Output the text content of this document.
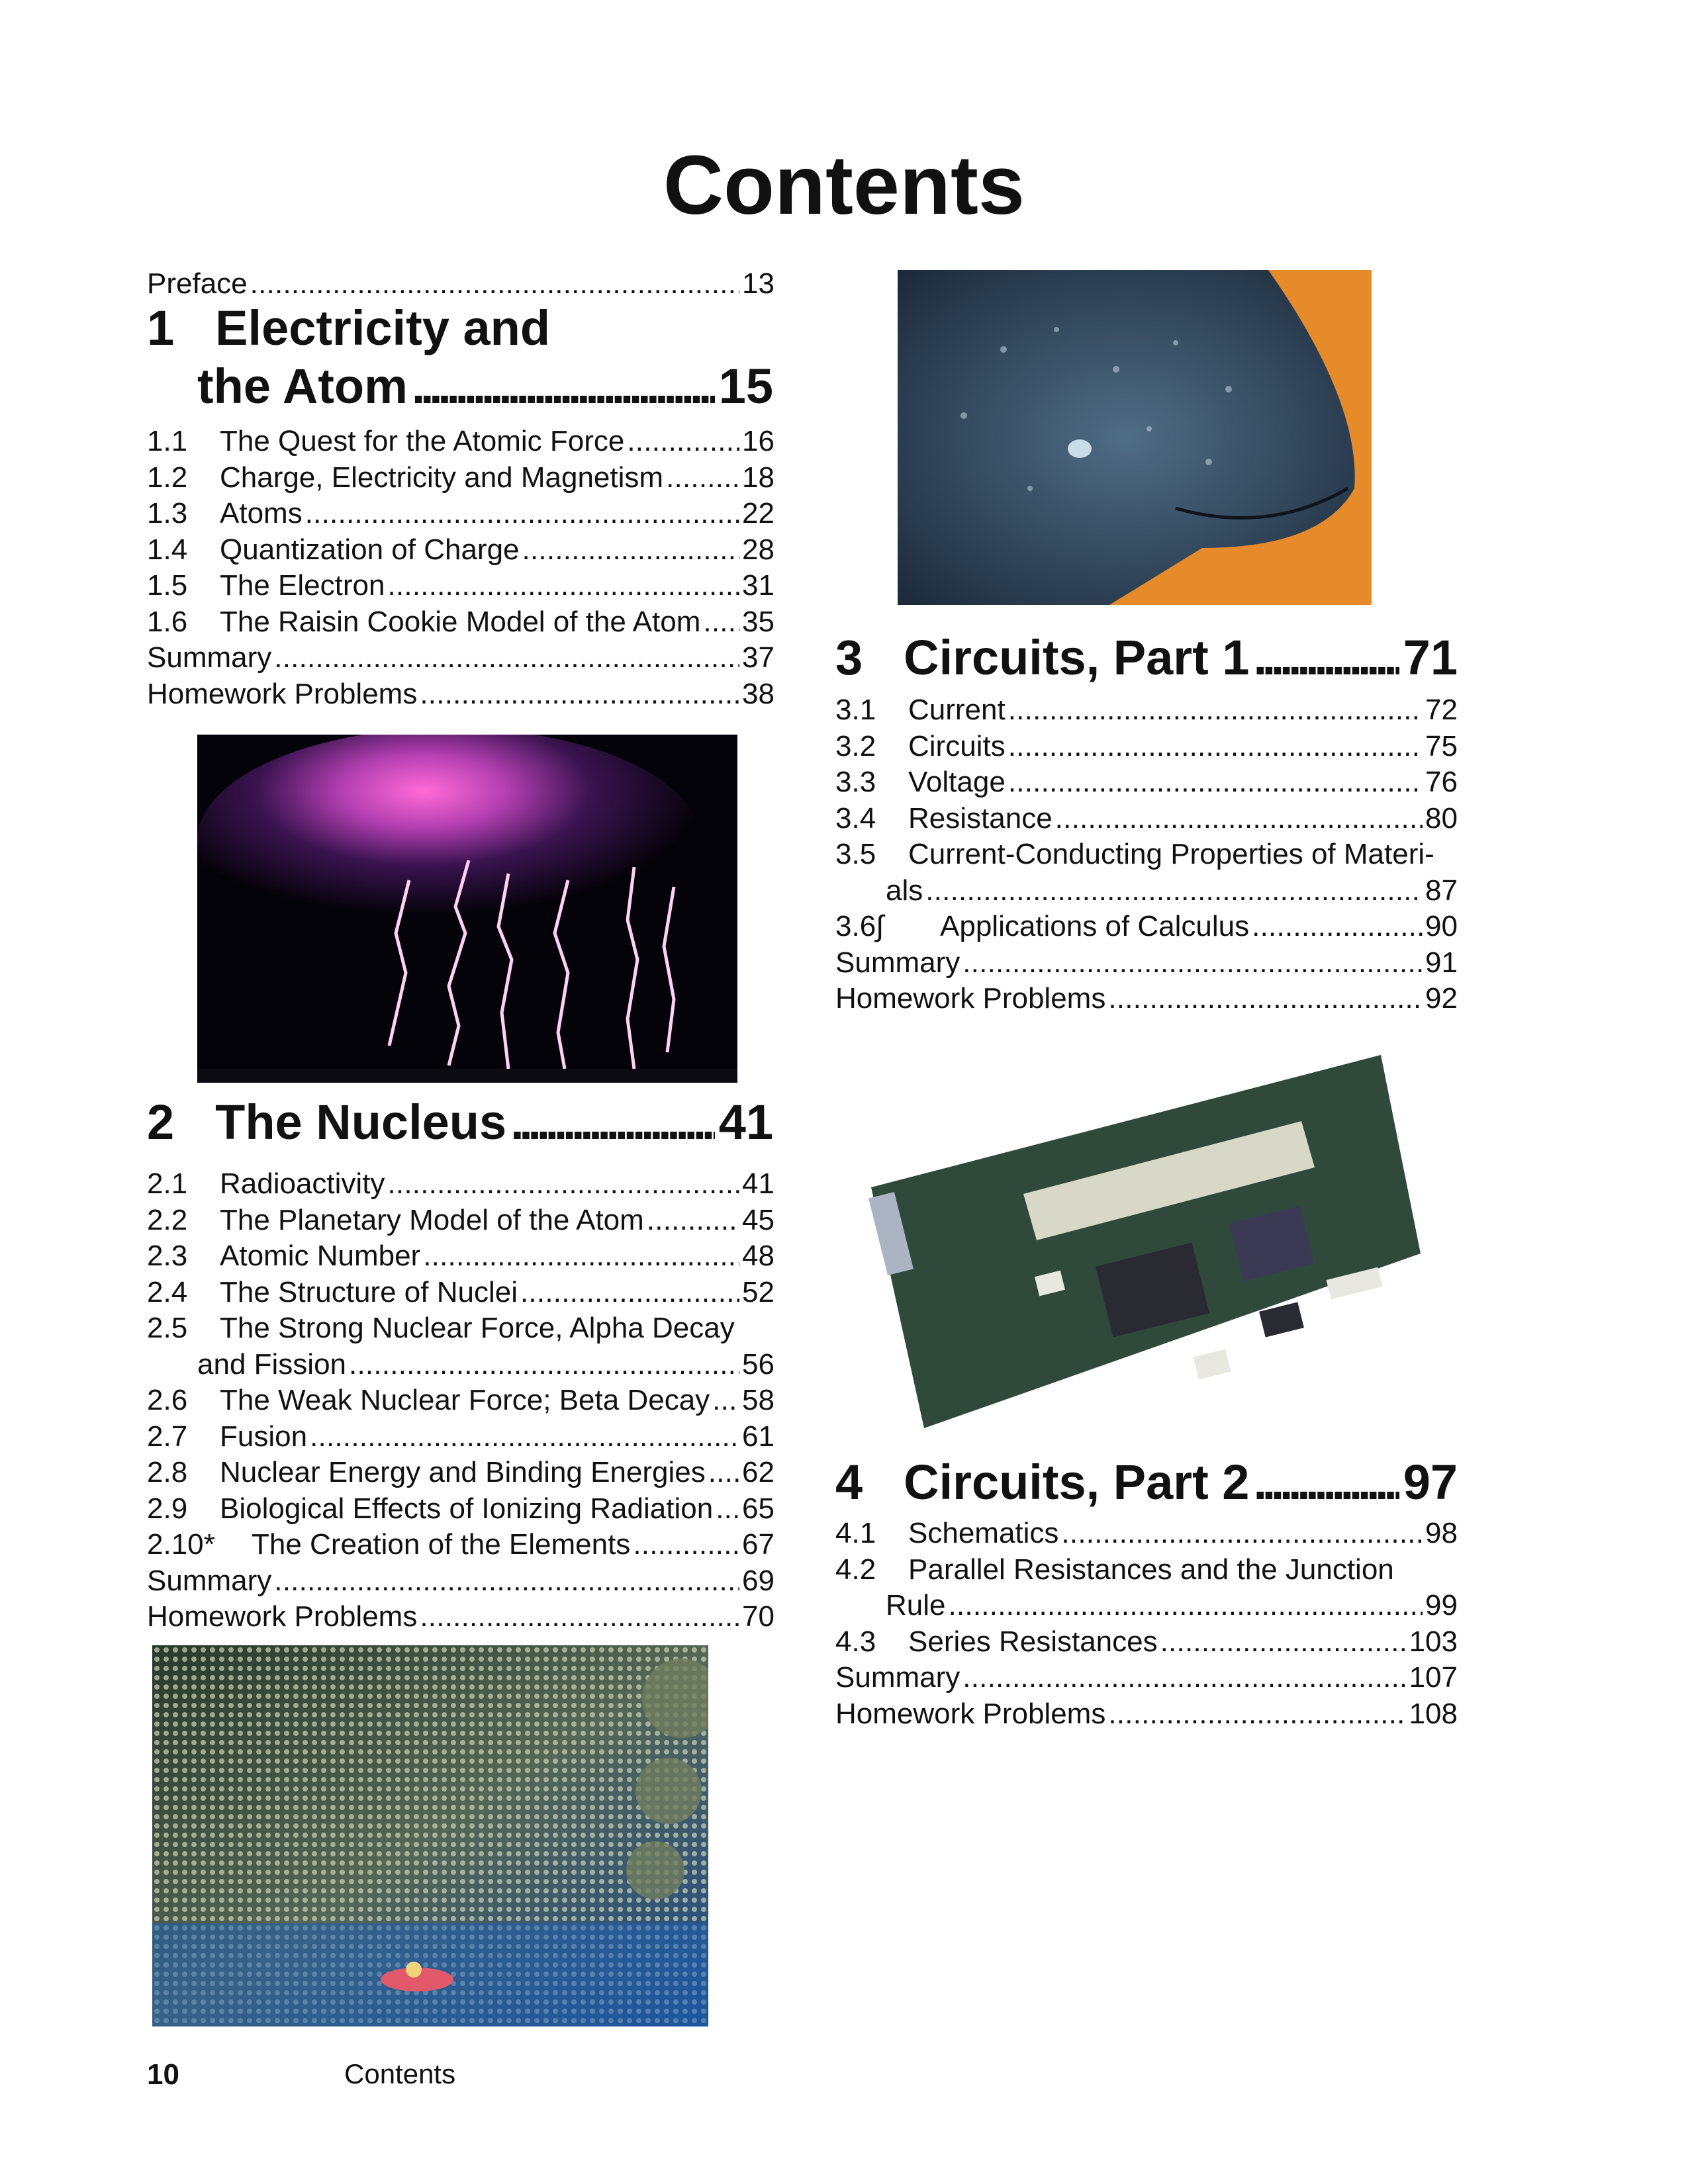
Contents
Preface . . .	13
1 Electricity and
the Atom . . .	15
1.1	The Quest for the Atomic Force . . .	16
1.2	Charge, Electricity and Magnetism . . .	18
1.3	Atoms . . .	22
1.4	Quantization of Charge . . .	28
1.5	The Electron . . .	31
1.6	The Raisin Cookie Model of the Atom . . . 35
Summary . . .	37
Homework Problems . . .	38
2 The Nucleus . . .	41
2.1	Radioactivity . . .	41
2.2	The Planetary Model of the Atom . . .	45
2.3	Atomic Number . . .	48
2.4	The Structure of Nuclei . . .	52
2.5 The Strong Nuclear Force, Alpha Decay
and Fission . . .	56
2.6	The Weak Nuclear Force; Beta Decay . . . 58
2.7	Fusion . . .	61
2.8	Nuclear Energy and Binding Energies . . . 62
2.9	Biological Effects of Ionizing Radiation . . . 65
2.10*	The Creation of the Elements . . .	67
Summary . . .	69
Homework Problems . . .	70
3 Circuits, Part 1 . . .	71
3.1	Current . . .	72
3.2	Circuits . . .	75
3.3	Voltage . . .	76
3.4	Resistance . . .	80
3.5 Current-Conducting Properties of Materi-
als . . .	87
3.6∫	Applications of Calculus . . .	90
Summary . . .	91
Homework Problems . . .	92
4 Circuits, Part 2 . . .	97
4.1	Schematics . . .	98
4.2 Parallel Resistances and the Junction
Rule . . .	99
4.3	Series Resistances . . .	103
Summary . . .	107
Homework Problems . . .	108
10	Contents
